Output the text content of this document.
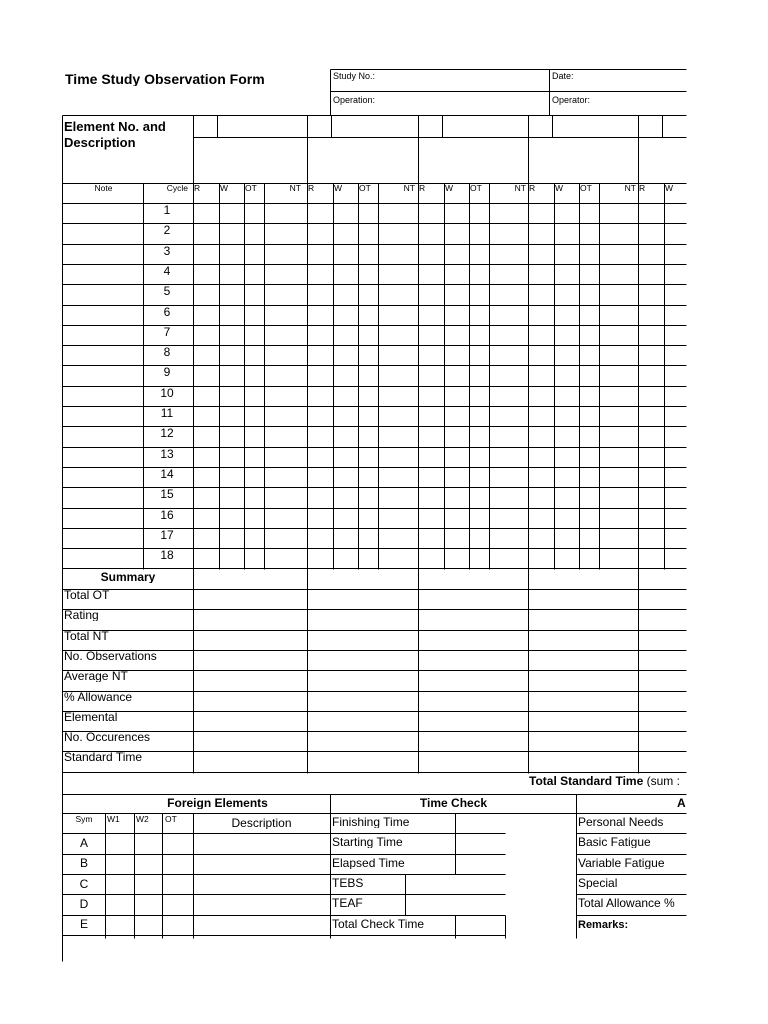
Time Study Observation Form	Study No.:	Date:
Operation:	Operator:
Element No. and Description
Note	Cycle R W OT	NT R W OT	NT R W OT	NT R W OT	NT R W
1
2
3
4
5
6
7
8
9
10
11
12
13
14
15
16
17
18
Summary
Total OT
Rating
Total NT
No. Observations
Average NT
% Allowance
Elemental
No. Occurences
Standard Time
Total Standard Time (sum :
Foreign Elements	Time Check	A
Sym	W1 W2 OT	Description
A
B
C
D
E
Finishing Time
Starting Time
Elapsed Time
TEBS
TEAF
Total Check Time
Personal Needs
Basic Fatigue
Variable Fatigue
Special
Total Allowance %
Remarks:
